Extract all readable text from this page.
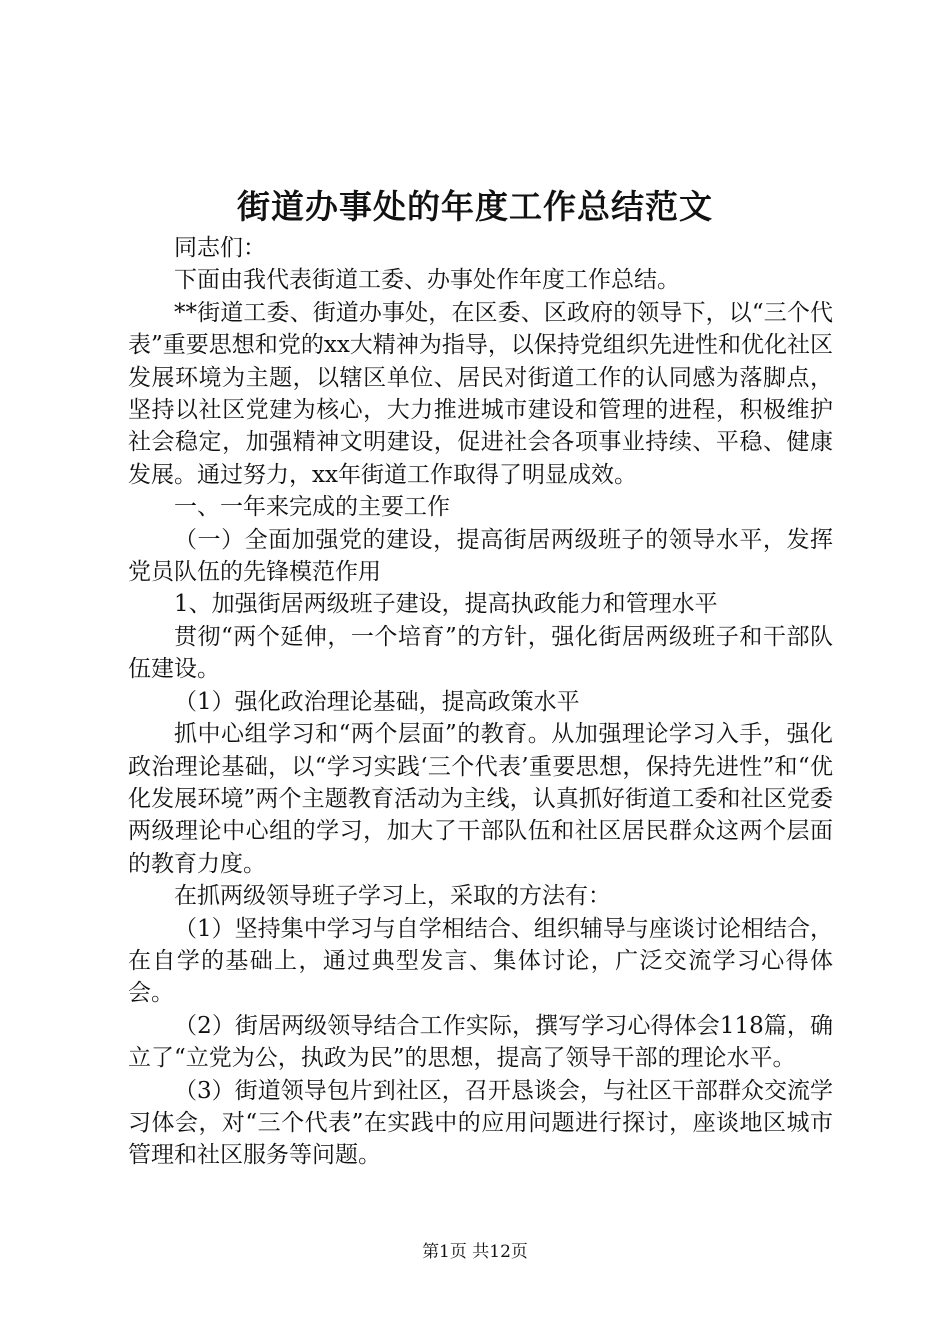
街道办事处的年度工作总结范文

同志们：

下面由我代表街道工委、办事处作年度工作总结。

**街道工委、街道办事处，在区委、区政府的领导下，以“三个代表”重要思想和党的xx大精神为指导，以保持党组织先进性和优化社区发展环境为主题，以辖区单位、居民对街道工作的认同感为落脚点，坚持以社区党建为核心，大力推进城市建设和管理的进程，积极维护社会稳定，加强精神文明建设，促进社会各项事业持续、平稳、健康发展。通过努力，xx年街道工作取得了明显成效。

一、一年来完成的主要工作

（一）全面加强党的建设，提高街居两级班子的领导水平，发挥党员队伍的先锋模范作用

1、加强街居两级班子建设，提高执政能力和管理水平

贯彻“两个延伸，一个培育”的方针，强化街居两级班子和干部队伍建设。

（1）强化政治理论基础，提高政策水平

抓中心组学习和“两个层面”的教育。从加强理论学习入手，强化政治理论基础，以“学习实践‘三个代表’重要思想，保持先进性”和“优化发展环境”两个主题教育活动为主线，认真抓好街道工委和社区党委两级理论中心组的学习，加大了干部队伍和社区居民群众这两个层面的教育力度。

在抓两级领导班子学习上，采取的方法有：

（1）坚持集中学习与自学相结合、组织辅导与座谈讨论相结合，在自学的基础上，通过典型发言、集体讨论，广泛交流学习心得体会。

（2）街居两级领导结合工作实际，撰写学习心得体会118篇，确立了“立党为公，执政为民”的思想，提高了领导干部的理论水平。

（3）街道领导包片到社区，召开恳谈会，与社区干部群众交流学习体会，对“三个代表”在实践中的应用问题进行探讨，座谈地区城市管理和社区服务等问题。

第1页 共12页
